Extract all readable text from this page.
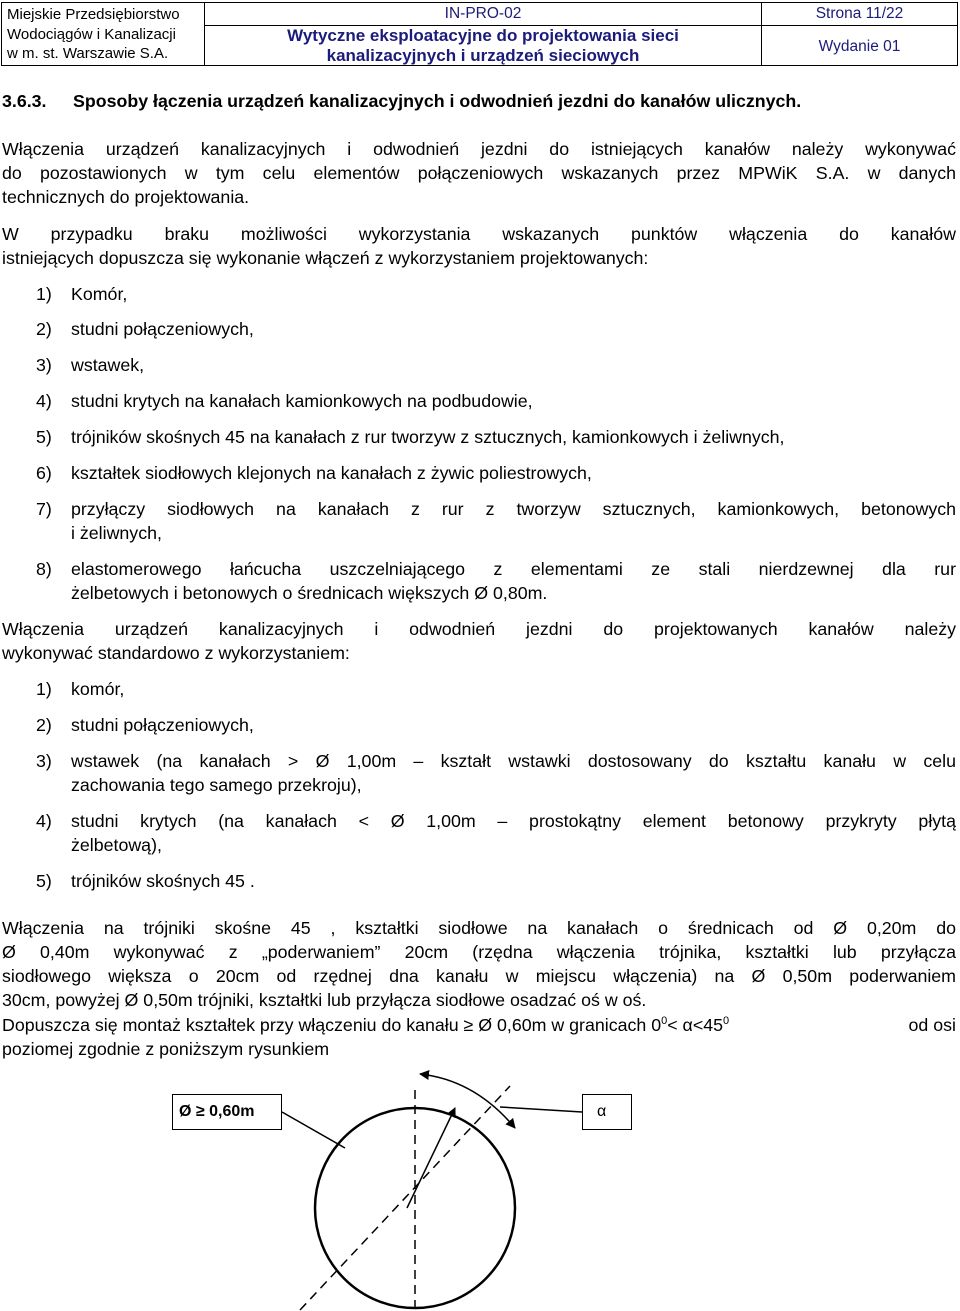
Miejskie Przedsiębiorstwo
Wodociągów i Kanalizacji
w m. st. Warszawie S.A.
IN-PRO-02
Wytyczne eksploatacyjne do projektowania sieci
kanalizacyjnych i urządzeń sieciowych
Strona 11/22
Wydanie 01
3.6.3. Sposoby łączenia urządzeń kanalizacyjnych i odwodnień jezdni do kanałów ulicznych.
Włączenia urządzeń kanalizacyjnych i odwodnień jezdni do istniejących kanałów należy wykonywać
do pozostawionych w tym celu elementów połączeniowych wskazanych przez MPWiK S.A. w danych
technicznych do projektowania.
W przypadku braku możliwości wykorzystania wskazanych punktów włączenia do kanałów
istniejących dopuszcza się wykonanie włączeń z wykorzystaniem projektowanych:
1) Komór,
2) studni połączeniowych,
3) wstawek,
4) studni krytych na kanałach kamionkowych na podbudowie,
5) trójników skośnych 45 na kanałach z rur tworzyw z sztucznych, kamionkowych i żeliwnych,
6) kształtek siodłowych klejonych na kanałach z żywic poliestrowych,
7) przyłączy siodłowych na kanałach z rur z tworzyw sztucznych, kamionkowych, betonowych
i żeliwnych,
8) elastomerowego łańcucha uszczelniającego z elementami ze stali nierdzewnej dla rur
żelbetowych i betonowych o średnicach większych Ø 0,80m.
Włączenia urządzeń kanalizacyjnych i odwodnień jezdni do projektowanych kanałów należy
wykonywać standardowo z wykorzystaniem:
1) komór,
2) studni połączeniowych,
3) wstawek (na kanałach > Ø 1,00m – kształt wstawki dostosowany do kształtu kanału w celu
zachowania tego samego przekroju),
4) studni krytych (na kanałach < Ø 1,00m – prostokątny element betonowy przykryty płytą
żelbetową),
5) trójników skośnych 45 .
Włączenia na trójniki skośne 45 , kształtki siodłowe na kanałach o średnicach od Ø 0,20m do
Ø 0,40m wykonywać z „poderwaniem” 20cm (rzędna włączenia trójnika, kształtki lub przyłącza
siodłowego większa o 20cm od rzędnej dna kanału w miejscu włączenia) na Ø 0,50m poderwaniem
30cm, powyżej Ø 0,50m trójniki, kształtki lub przyłącza siodłowe osadzać oś w oś.
Dopuszcza się montaż kształtek przy włączeniu do kanału ≥ Ø 0,60m w granicach $0^0< \alpha<45^0$	od osi
poziomej zgodnie z poniższym rysunkiem
Ø ≥ 0,60m	α
